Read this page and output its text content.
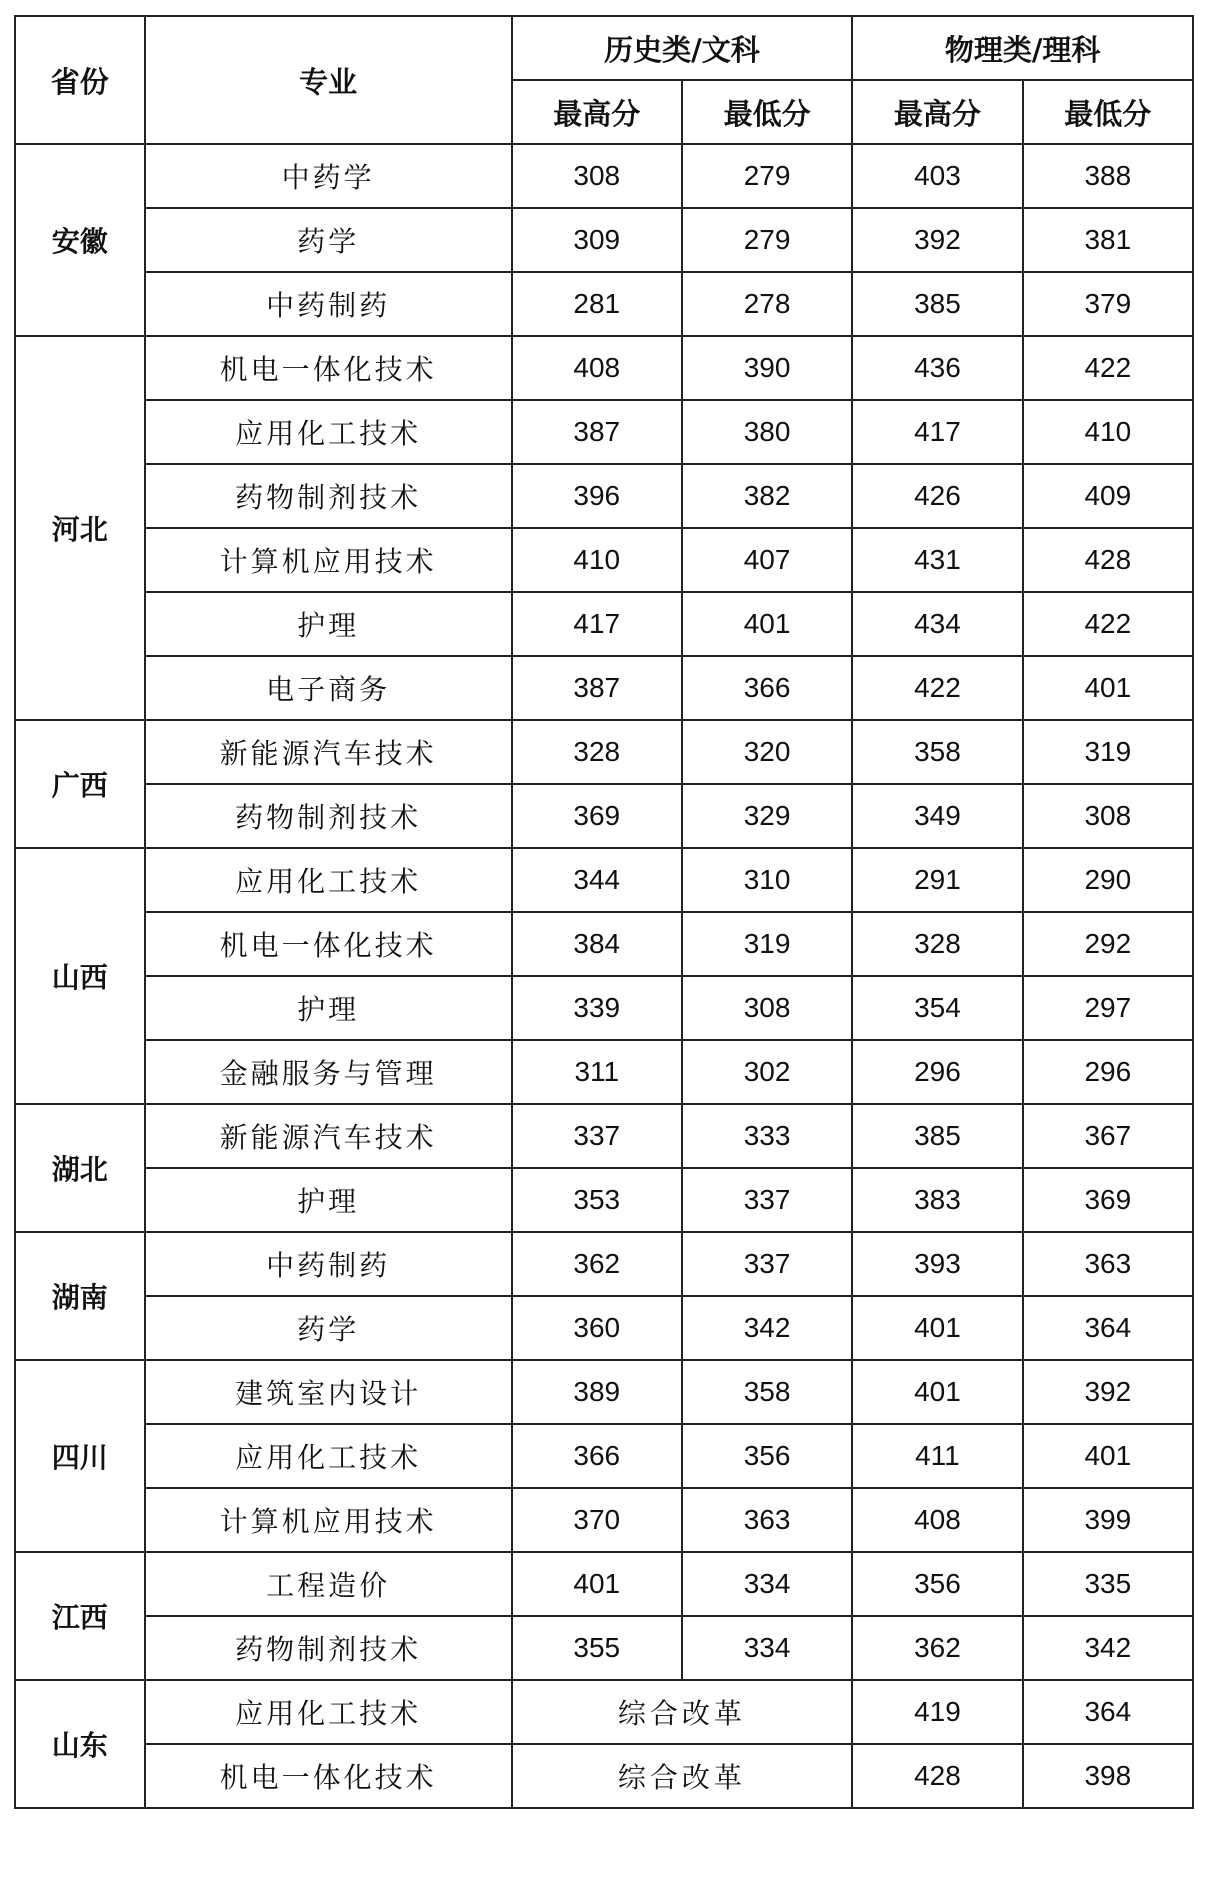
省份	专业	历史类/文科		物理类/理科	
		最高分	最低分	最高分	最低分
安徽	中药学	308	279	403	388
	药学	309	279	392	381
	中药制药	281	278	385	379
河北	机电一体化技术	408	390	436	422
	应用化工技术	387	380	417	410
	药物制剂技术	396	382	426	409
	计算机应用技术	410	407	431	428
	护理	417	401	434	422
	电子商务	387	366	422	401
广西	新能源汽车技术	328	320	358	319
	药物制剂技术	369	329	349	308
山西	应用化工技术	344	310	291	290
	机电一体化技术	384	319	328	292
	护理	339	308	354	297
	金融服务与管理	311	302	296	296
湖北	新能源汽车技术	337	333	385	367
	护理	353	337	383	369
湖南	中药制药	362	337	393	363
	药学	360	342	401	364
四川	建筑室内设计	389	358	401	392
	应用化工技术	366	356	411	401
	计算机应用技术	370	363	408	399
江西	工程造价	401	334	356	335
	药物制剂技术	355	334	362	342
山东	应用化工技术	综合改革		419	364
	机电一体化技术	综合改革		428	398
